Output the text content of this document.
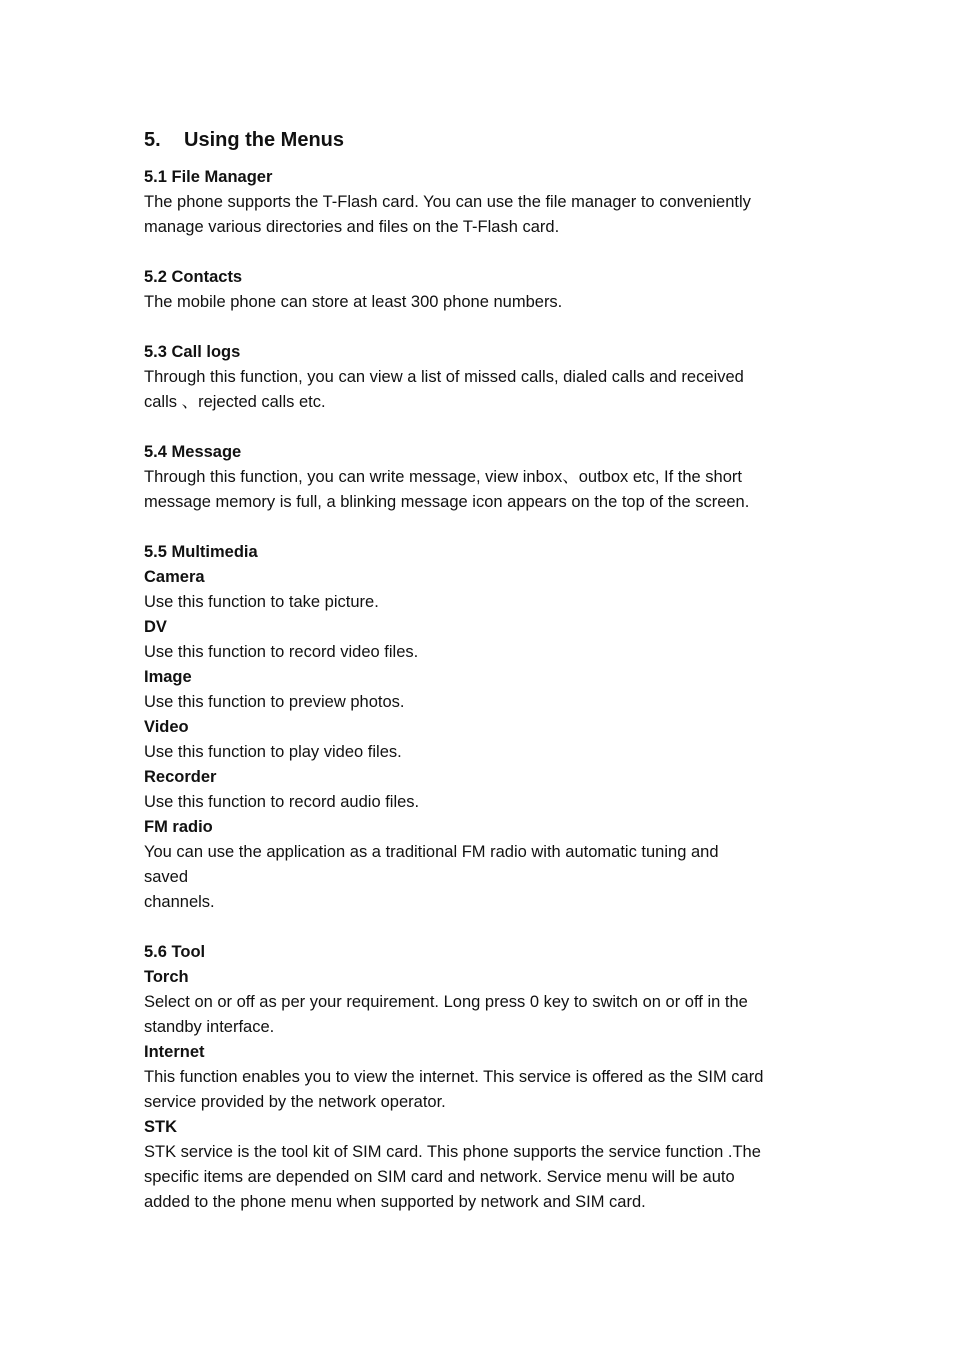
5. Using the Menus

5.1 File Manager

The phone supports the T-Flash card. You can use the file manager to conveniently

manage various directories and files on the T-Flash card.

5.2 Contacts

The mobile phone can store at least 300 phone numbers.

5.3 Call logs

Through this function, you can view a list of missed calls, dialed calls and received

calls 、rejected calls etc.

5.4 Message

Through this function, you can write message, view inbox、outbox etc, If the short

message memory is full, a blinking message icon appears on the top of the screen.

5.5 Multimedia

Camera

Use this function to take picture.

DV

Use this function to record video files.

Image

Use this function to preview photos.

Video

Use this function to play video files.

Recorder

Use this function to record audio files.

FM radio

You can use the application as a traditional FM radio with automatic tuning and

saved

channels.

5.6 Tool

Torch

Select on or off as per your requirement. Long press 0 key to switch on or off in the

standby interface.

Internet

This function enables you to view the internet. This service is offered as the SIM card

service provided by the network operator.

STK

STK service is the tool kit of SIM card. This phone supports the service function .The

specific items are depended on SIM card and network. Service menu will be auto

added to the phone menu when supported by network and SIM card.
